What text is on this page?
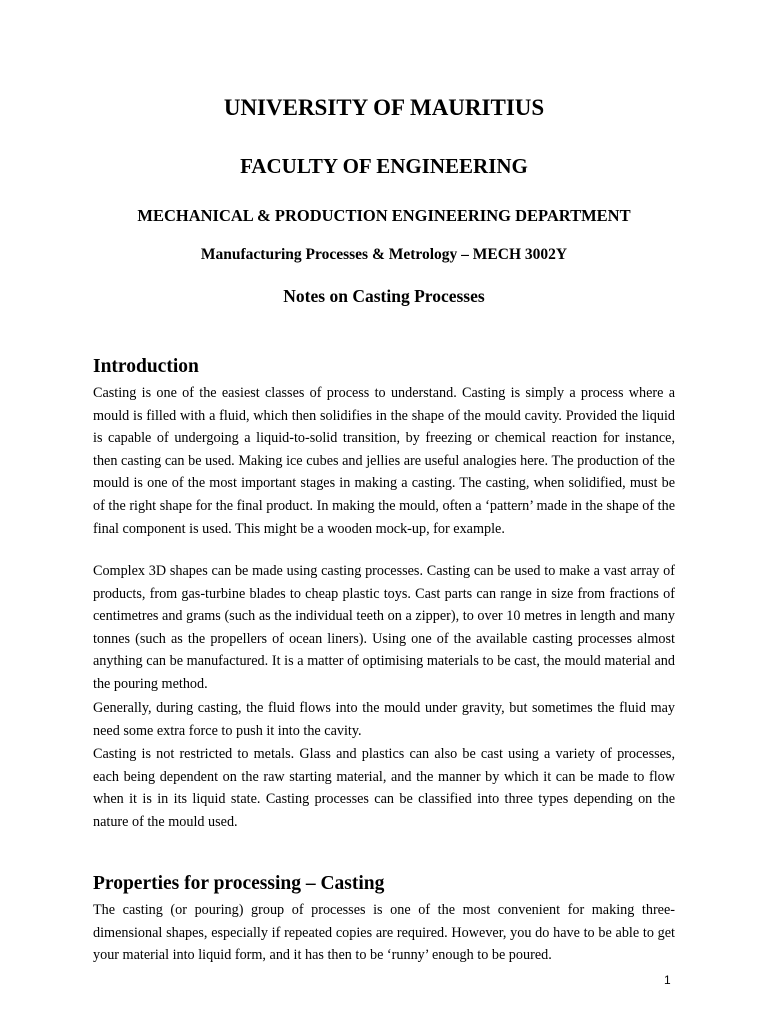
UNIVERSITY OF MAURITIUS
FACULTY OF ENGINEERING
MECHANICAL & PRODUCTION ENGINEERING DEPARTMENT
Manufacturing Processes & Metrology – MECH 3002Y
Notes on Casting Processes
Introduction

Casting is one of the easiest classes of process to understand. Casting is simply a process where a mould is filled with a fluid, which then solidifies in the shape of the mould cavity. Provided the liquid is capable of undergoing a liquid-to-solid transition, by freezing or chemical reaction for instance, then casting can be used. Making ice cubes and jellies are useful analogies here. The production of the mould is one of the most important stages in making a casting. The casting, when solidified, must be of the right shape for the final product. In making the mould, often a ‘pattern’ made in the shape of the final component is used. This might be a wooden mock-up, for example.

Complex 3D shapes can be made using casting processes. Casting can be used to make a vast array of products, from gas-turbine blades to cheap plastic toys. Cast parts can range in size from fractions of centimetres and grams (such as the individual teeth on a zipper), to over 10 metres in length and many tonnes (such as the propellers of ocean liners). Using one of the available casting processes almost anything can be manufactured. It is a matter of optimising materials to be cast, the mould material and the pouring method.

Generally, during casting, the fluid flows into the mould under gravity, but sometimes the fluid may need some extra force to push it into the cavity.

Casting is not restricted to metals. Glass and plastics can also be cast using a variety of processes, each being dependent on the raw starting material, and the manner by which it can be made to flow when it is in its liquid state. Casting processes can be classified into three types depending on the nature of the mould used.

Properties for processing – Casting

The casting (or pouring) group of processes is one of the most convenient for making three-dimensional shapes, especially if repeated copies are required. However, you do have to be able to get your material into liquid form, and it has then to be ‘runny’ enough to be poured.

1
